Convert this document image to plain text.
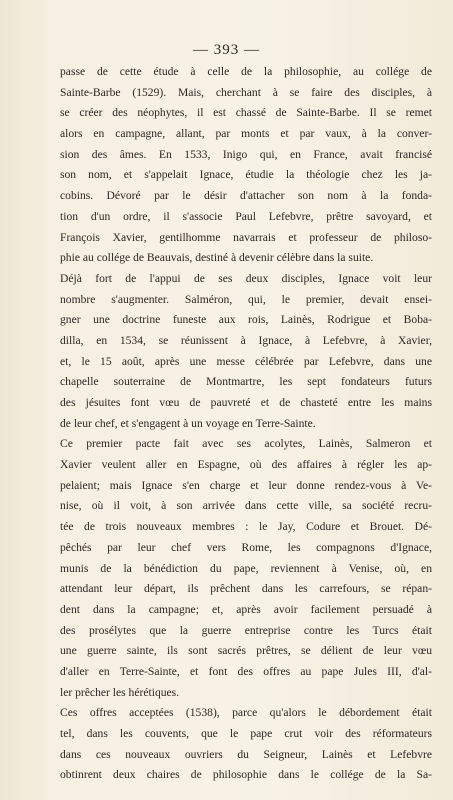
— 393 —
passe de cette étude à celle de la philosophie, au collége de
Sainte-Barbe (1529). Mais, cherchant à se faire des disciples, à
se créer des néophytes, il est chassé de Sainte-Barbe. Il se remet
alors en campagne, allant, par monts et par vaux, à la conver-
sion des âmes. En 1533, Inigo qui, en France, avait francisé
son nom, et s'appelait Ignace, étudie la théologie chez les ja-
cobins. Dévoré par le désir d'attacher son nom à la fonda-
tion d'un ordre, il s'associe Paul Lefebvre, prêtre savoyard, et
François Xavier, gentilhomme navarrais et professeur de philoso-
phie au collége de Beauvais, destiné à devenir célèbre dans la suite.
Déjà fort de l'appui de ses deux disciples, Ignace voit leur
nombre s'augmenter. Salméron, qui, le premier, devait ensei-
gner une doctrine funeste aux rois, Lainès, Rodrigue et Boba-
dilla, en 1534, se réunissent à Ignace, à Lefebvre, à Xavier,
et, le 15 août, après une messe célébrée par Lefebvre, dans une
chapelle souterraine de Montmartre, les sept fondateurs futurs
des jésuites font vœu de pauvreté et de chasteté entre les mains
de leur chef, et s'engagent à un voyage en Terre-Sainte.
Ce premier pacte fait avec ses acolytes, Lainès, Salmeron et
Xavier veulent aller en Espagne, où des affaires à régler les ap-
pelaient; mais Ignace s'en charge et leur donne rendez-vous à Ve-
nise, où il voit, à son arrivée dans cette ville, sa société recru-
tée de trois nouveaux membres : le Jay, Codure et Brouet. Dé-
pêchés par leur chef vers Rome, les compagnons d'Ignace,
munis de la bénédiction du pape, reviennent à Venise, où, en
attendant leur départ, ils prêchent dans les carrefours, se répan-
dent dans la campagne; et, après avoir facilement persuadé à
des prosélytes que la guerre entreprise contre les Turcs était
une guerre sainte, ils sont sacrés prêtres, se délient de leur vœu
d'aller en Terre-Sainte, et font des offres au pape Jules III, d'al-
ler prêcher les hérétiques.
Ces offres acceptées (1538), parce qu'alors le débordement était
tel, dans les couvents, que le pape crut voir des réformateurs
dans ces nouveaux ouvriers du Seigneur, Lainès et Lefebvre
obtinrent deux chaires de philosophie dans le collége de la Sa-
